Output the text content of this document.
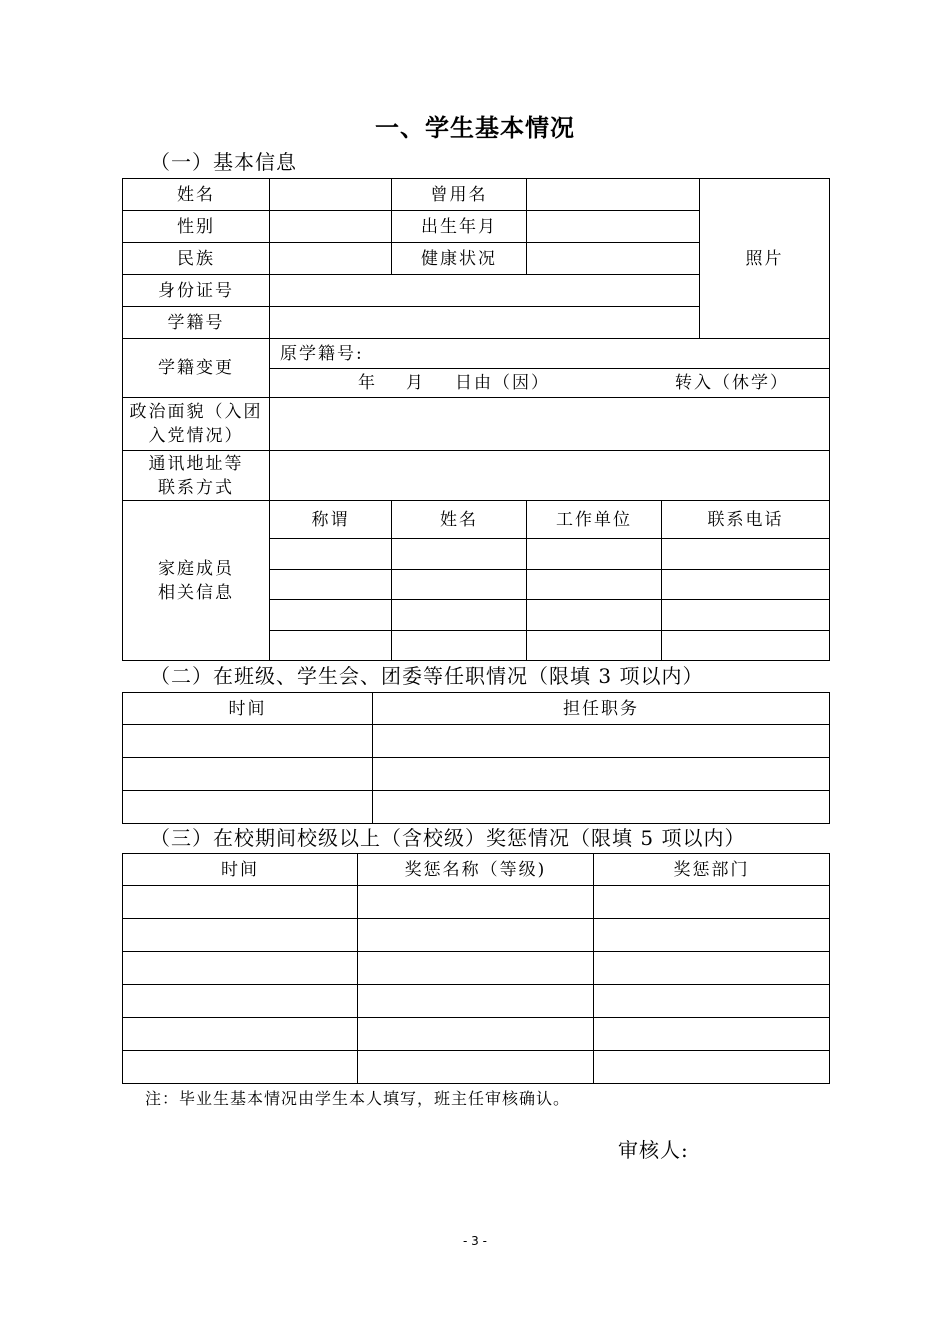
一、学生基本情况
（一）基本信息
姓名		曾用名			照片
性别		出生年月			
民族		健康状况			
身份证号					
学籍号					
学籍变更	原学籍号:				

	年 月 日由（因） 转入（休学）				

政治面貌（入团
入党情况）					

通讯地址等
联系方式					

家庭成员
相关信息	称谓	姓名	工作单位	联系电话	

（二）在班级、学生会、团委等任职情况（限填 3 项以内）
时间	担任职务

（三）在校期间校级以上（含校级）奖惩情况（限填 5 项以内）
时间	奖惩名称（等级)	奖惩部门

注：毕业生基本情况由学生本人填写，班主任审核确认。
审核人:
- 3 -
